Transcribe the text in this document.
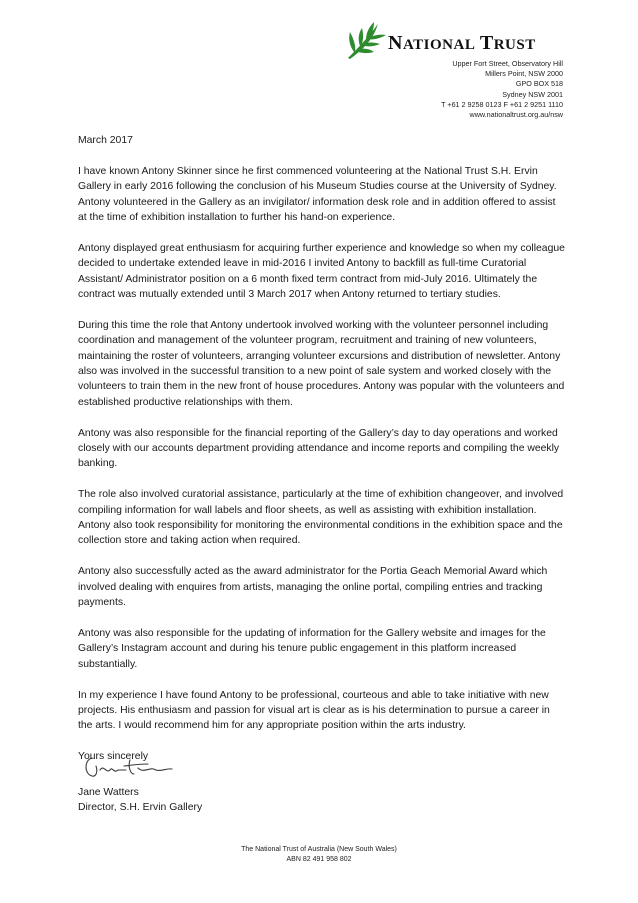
NATIONAL TRUST
Upper Fort Street, Observatory Hill
Millers Point, NSW 2000
GPO BOX 518
Sydney NSW 2001
T +61 2 9258 0123 F +61 2 9251 1110
www.nationaltrust.org.au/nsw

March 2017

I have known Antony Skinner since he first commenced volunteering at the National Trust S.H. Ervin Gallery in early 2016 following the conclusion of his Museum Studies course at the University of Sydney. Antony volunteered in the Gallery as an invigilator/ information desk role and in addition offered to assist at the time of exhibition installation to further his hand-on experience.

Antony displayed great enthusiasm for acquiring further experience and knowledge so when my colleague decided to undertake extended leave in mid-2016 I invited Antony to backfill as full-time Curatorial Assistant/ Administrator position on a 6 month fixed term contract from mid-July 2016. Ultimately the contract was mutually extended until 3 March 2017 when Antony returned to tertiary studies.

During this time the role that Antony undertook involved working with the volunteer personnel including coordination and management of the volunteer program, recruitment and training of new volunteers, maintaining the roster of volunteers, arranging volunteer excursions and distribution of newsletter. Antony also was involved in the successful transition to a new point of sale system and worked closely with the volunteers to train them in the new front of house procedures. Antony was popular with the volunteers and established productive relationships with them.

Antony was also responsible for the financial reporting of the Gallery’s day to day operations and worked closely with our accounts department providing attendance and income reports and compiling the weekly banking.

The role also involved curatorial assistance, particularly at the time of exhibition changeover, and involved compiling information for wall labels and floor sheets, as well as assisting with exhibition installation. Antony also took responsibility for monitoring the environmental conditions in the exhibition space and the collection store and taking action when required.

Antony also successfully acted as the award administrator for the Portia Geach Memorial Award which involved dealing with enquires from artists, managing the online portal, compiling entries and tracking payments.

Antony was also responsible for the updating of information for the Gallery website and images for the Gallery’s Instagram account and during his tenure public engagement in this platform increased substantially.

In my experience I have found Antony to be professional, courteous and able to take initiative with new projects. His enthusiasm and passion for visual art is clear as is his determination to pursue a career in the arts. I would recommend him for any appropriate position within the arts industry.

Yours sincerely

Jane Watters
Director, S.H. Ervin Gallery
The National Trust of Australia (New South Wales)
ABN 82 491 958 802
